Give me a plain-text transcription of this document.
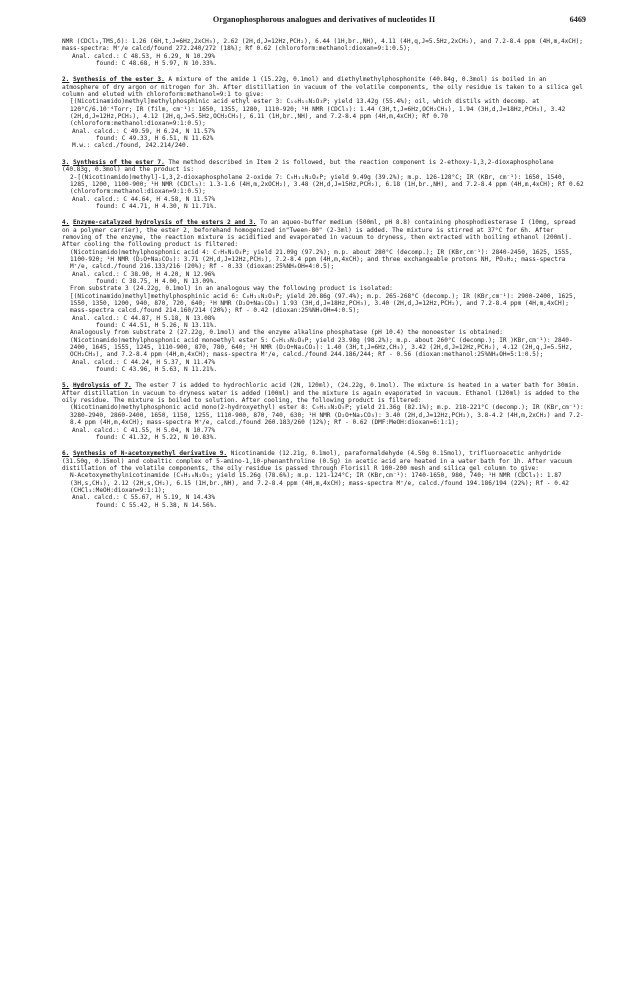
Organophosphorous analogues and derivatives of nucleotides II	6469

NMR (CDCl₃,TMS,δ): 1.26 (6H,t,J=6Hz,2xCH₃), 2.62 (2H,d,J=12Hz,PCH₂), 6.44 (1H,br.,NH), 4.11 (4H,q,J=5.5Hz,2xCH₂), and 7.2-8.4 ppm (4H,m,4xCH); mass-spectra: M⁺/e calcd/found 272.240/272 (18%); Rf 0.62 (chloroform:methanol:dioxan=9:1:0.5);

Anal. calcd.: C 48.53, H 6.29, N 10.29%
found: C 48.68, H 5.97, N 10.33%.

2. Synthesis of the ester 3. A mixture of the amide 1 (15.22g, 0.1mol) and diethylmethylphosphonite (40.84g, 0.3mol) is boiled in an atmosphere of dry argon or nitrogen for 3h. After distillation in vacuum of the volatile components, the oily residue is taken to a silica gel column and eluted with chloroform:methanol=9:1 to give:

[(Nicotinamido)methyl]methylphosphinic acid ethyl ester 3: C₁₀H₁₅N₂O₃P; yield 13.42g (55.4%); oil, which distils with decomp. at 120°C/6.10⁻⁴Torr; IR (film, cm⁻¹): 1650, 1355, 1280, 1110-920; ¹H NMR (CDCl₃): 1.44 (3H,t,J=6Hz,OCH₂CH₃), 1.94 (3H,d,J=18Hz,PCH₃), 3.42 (2H,d,J=12Hz,PCH₂), 4.12 (2H,q,J=5.5Hz,OCH₂CH₃), 6.11 (1H,br.,NH), and 7.2-8.4 ppm (4H,m,4xCH); Rf 0.70 (chloroform:methanol:dioxan=9:1:0.5);

Anal. calcd.: C 49.59, H 6.24, N 11.57%
found: C 49.33, H 6.51, N 11.62%
M.w.: calcd./found, 242.214/240.

3. Synthesis of the ester 7. The method described in Item 2 is followed, but the reaction component is 2-ethoxy-1,3,2-dioxaphospholane (40.83g, 0.3mol) and the product is:

2-[(Nicotinamido)methyl]-1,3,2-dioxaphospholane 2-oxide 7: C₉H₁₁N₂O₄P; yield 9.49g (39.2%); m.p. 126-128°C; IR (KBr, cm⁻¹): 1650, 1540, 1285, 1200, 1100-900; ¹H NMR (CDCl₃): 1.3-1.6 (4H,m,2xOCH₂), 3.48 (2H,d,J=15Hz,PCH₂), 6.18 (1H,br.,NH), and 7.2-8.4 ppm (4H,m,4xCH); Rf 0.62 (chloroform:methanol:dioxan=9:1:0.5);

Anal. calcd.: C 44.64, H 4.58, N 11.57%
found: C 44.71, H 4.30, N 11.71%.

4. Enzyme-catalyzed hydrolysis of the esters 2 and 3. To an aqueo-buffer medium (500ml, pH 8.8) containing phosphodiesterase I (10mg, spread on a polymer carrier), the ester 2, beforehand homogenized in"Tween-80" (2-3ml) is added. The mixture is stirred at 37°C for 6h. After removing of the enzyme, the reaction mixture is acidified and evaporated in vacuum to dryness, then extracted with boiling ethanol (200ml). After cooling the following product is filtered:

(Nicotinamido)methylphosphonic acid 4: C₇H₉N₂O₄P; yield 21.09g (97.2%); m.p. about 280°C (decomp.); IR (KBr,cm⁻¹): 2840-2450, 1625, 1555, 1100-920; ¹H NMR (D₂O+Na₂CO₃): 3.71 (2H,d,J=12Hz,PCH₂), 7.2-8.4 ppm (4H,m,4xCH); and three exchangeable protons NH, PO₃H₂; mass-spectra M⁺/e, calcd./found 216.133/216 (20%); Rf - 0.33 (dioxan:25%NH₄OH=4:0.5);

Anal. calcd.: C 38.90, H 4.20, N 12.96%
found: C 38.75, H 4.00, N 13.09%.

From substrate 3 (24.22g, 0.1mol) in an analogous way the following product is isolated:

[(Nicotinamido)methyl]methylphosphinic acid 6: C₈H₁₁N₂O₃P; yield 20.86g (97.4%); m.p. 265-268°C (decomp.); IR (KBr,cm⁻¹): 2900-2400, 1625, 1550, 1350, 1200, 940, 870, 720, 640; ¹H NMR (D₂O+Na₂CO₃) 1.93 (3H,d,J=18Hz,PCH₃), 3.40 (2H,d,J=12Hz,PCH₂), and 7.2-8.4 ppm (4H,m,4xCH); mass-spectra calcd./found 214.160/214 (20%); Rf - 0.42 (dioxan:25%NH₄OH=4:0.5);

Anal. calcd.: C 44.87, H 5.18, N 13.08%
found: C 44.51, H 5.26, N 13.11%.

Analogously from substrate 2 (27.22g, 0.1mol) and the enzyme alkaline phosphatase (pH 10.4) the monoester is obtained:

(Nicotinamido)methylphosphonic acid monoethyl ester 5: C₉H₁₃N₂O₄P; yield 23.98g (98.2%); m.p. about 260°C (decomp.); IR )KBr,cm⁻¹): 2840-2400, 1645, 1555, 1245, 1110-900, 870, 780, 640; ¹H NMR (D₂O+Na₂CO₃): 1.40 (3H,t,J=6Hz,CH₃), 3.42 (2H,d,J=12Hz,PCH₂), 4.12 (2H,q,J=5.5Hz, OCH₂CH₃), and 7.2-8.4 ppm (4H,m,4xCH); mass-spectra M⁺/e, calcd./found 244.186/244; Rf - 0.56 (dioxan:methanol:25%NH₄OH=5:1:0.5);

Anal. calcd.: C 44.24, H 5.37, N 11.47%
found: C 43.96, H 5.63, N 11.21%.

5. Hydrolysis of 7. The ester 7 is added to hydrochloric acid (2N, 120ml), (24.22g, 0.1mol). The mixture is heated in a water bath for 30min. After distillation in vacuum to dryness water is added (100ml) and the mixture is again evaporated in vacuum. Ethanol (120ml) is added to the oily residue. The mixture is boiled to solution. After cooling, the following product is filtered:

(Nicotinamido)methylphosphonic acid mono(2-hydroxyethyl) ester 8: C₉H₁₃N₂O₅P; yield 21.36g (82.1%); m.p. 218-221°C (decomp.); IR (KBr,cm⁻¹): 3280-2940, 2860-2400, 1650, 1150, 1255, 1110-900, 870, 740, 630; ¹H NMR (D₂O+Na₂CO₃): 3.40 (2H,d,J=12Hz,PCH₂), 3.8-4.2 (4H,m,2xCH₂) and 7.2-8.4 ppm (4H,m,4xCH); mass-spectra M⁺/e, calcd./found 260.183/260 (12%); Rf - 0.62 (DMF:MeOH:dioxan=6:1:1);

Anal. calcd.: C 41.55, H 5.04, N 10.77%
found: C 41.32, H 5.22, N 10.83%.

6. Synthesis of N-acetoxymethyl derivative 9. Nicotinamide (12.21g, 0.1mol), paraformaldehyde (4.50g 0.15mol), trifluoroacetic anhydride (31.50g, 0.15mol) and cobaltic complex of 5-amino-1,10-phenanthroline (0.5g) in acetic acid are heated in a water bath for 1h. After vacuum distillation of the volatile components, the oily residue is passed through Florisil R 100-200 mesh and silica gel column to give:

N-Acetoxymethylnicotinamide (C₉H₁₀N₂O₃; yield 15.26g (78.6%); m.p. 121-124°C; IR (KBr,cm⁻¹): 1740-1650, 980, 740; ¹H NMR (CDCl₃): 1.87 (3H,s,CH₃), 2.12 (2H,s,CH₂), 6.15 (1H,br.,NH), and 7.2-8.4 ppm (4H,m,4xCH); mass-spectra M⁺/e, calcd./found 194.186/194 (22%); Rf - 0.42 (CHCl₃:MeOH:dioxan=9:1:1);

Anal. calcd.: C 55.67, H 5.19, N 14.43%
found: C 55.42, H 5.38, N 14.56%.
